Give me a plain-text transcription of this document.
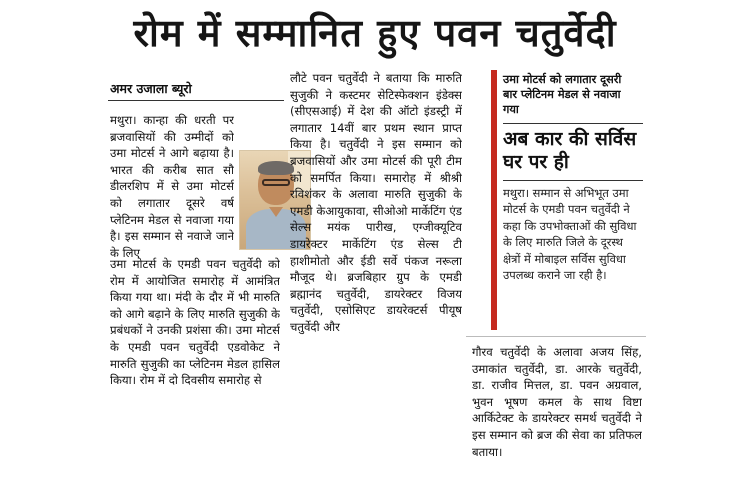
रोम में सम्मानित हुए पवन चतुर्वेदी
अमर उजाला ब्यूरो

मथुरा। कान्हा की धरती पर ब्रजवासियों की उम्मीदों को उमा मोटर्स ने आगे बढ़ाया है। भारत की करीब सात सौ डीलरशिप में से उमा मोटर्स को लगातार दूसरे वर्ष प्लेटिनम मेडल से नवाजा गया है। इस सम्मान से नवाजे जाने के लिए

उमा मोटर्स के एमडी पवन चतुर्वेदी को रोम में आयोजित समारोह में आमंत्रित किया गया था। मंदी के दौर में भी मारुति को आगे बढ़ाने के लिए मारुति सुजुकी के प्रबंधकों ने उनकी प्रशंसा की। उमा मोटर्स के एमडी पवन चतुर्वेदी एडवोकेट ने मारुति सुजुकी का प्लेटिनम मेडल हासिल किया। रोम में दो दिवसीय समारोह से

लौटे पवन चतुर्वेदी ने बताया कि मारुति सुजुकी ने कस्टमर सेटिस्फेक्शन इंडेक्स (सीएसआई) में देश की ऑटो इंडस्ट्री में लगातार 14वीं बार प्रथम स्थान प्राप्त किया है। चतुर्वेदी ने इस सम्मान को ब्रजवासियों और उमा मोटर्स की पूरी टीम को समर्पित किया। समारोह में श्रीश्री रविशंकर के अलावा मारुति सुजुकी के एमडी केआयुकावा, सीओओ मार्केटिंग एंड सेल्स मयंक पारीख, एग्जीक्यूटिव डायरेक्टर मार्केटिंग एंड सेल्स टी हाशीमोतो और ईडी सर्वे पंकज नरूला मौजूद थे। ब्रजबिहार ग्रुप के एमडी ब्रह्मानंद चतुर्वेदी, डायरेक्टर विजय चतुर्वेदी, एसोसिएट डायरेक्टर्स पीयूष चतुर्वेदी और

उमा मोटर्स को लगातार दूसरी बार प्लेटिनम मेडल से नवाजा गया
अब कार की सर्विस घर पर ही
मथुरा। सम्मान से अभिभूत उमा मोटर्स के एमडी पवन चतुर्वेदी ने कहा कि उपभोक्ताओं की सुविधा के लिए मारुति जिले के दूरस्थ क्षेत्रों में मोबाइल सर्विस सुविधा उपलब्ध कराने जा रही है।

गौरव चतुर्वेदी के अलावा अजय सिंह, उमाकांत चतुर्वेदी, डा. आरके चतुर्वेदी, डा. राजीव मित्तल, डा. पवन अग्रवाल, भुवन भूषण कमल के साथ विष्टा आर्किटेक्ट के डायरेक्टर समर्थ चतुर्वेदी ने इस सम्मान को ब्रज की सेवा का प्रतिफल बताया।
